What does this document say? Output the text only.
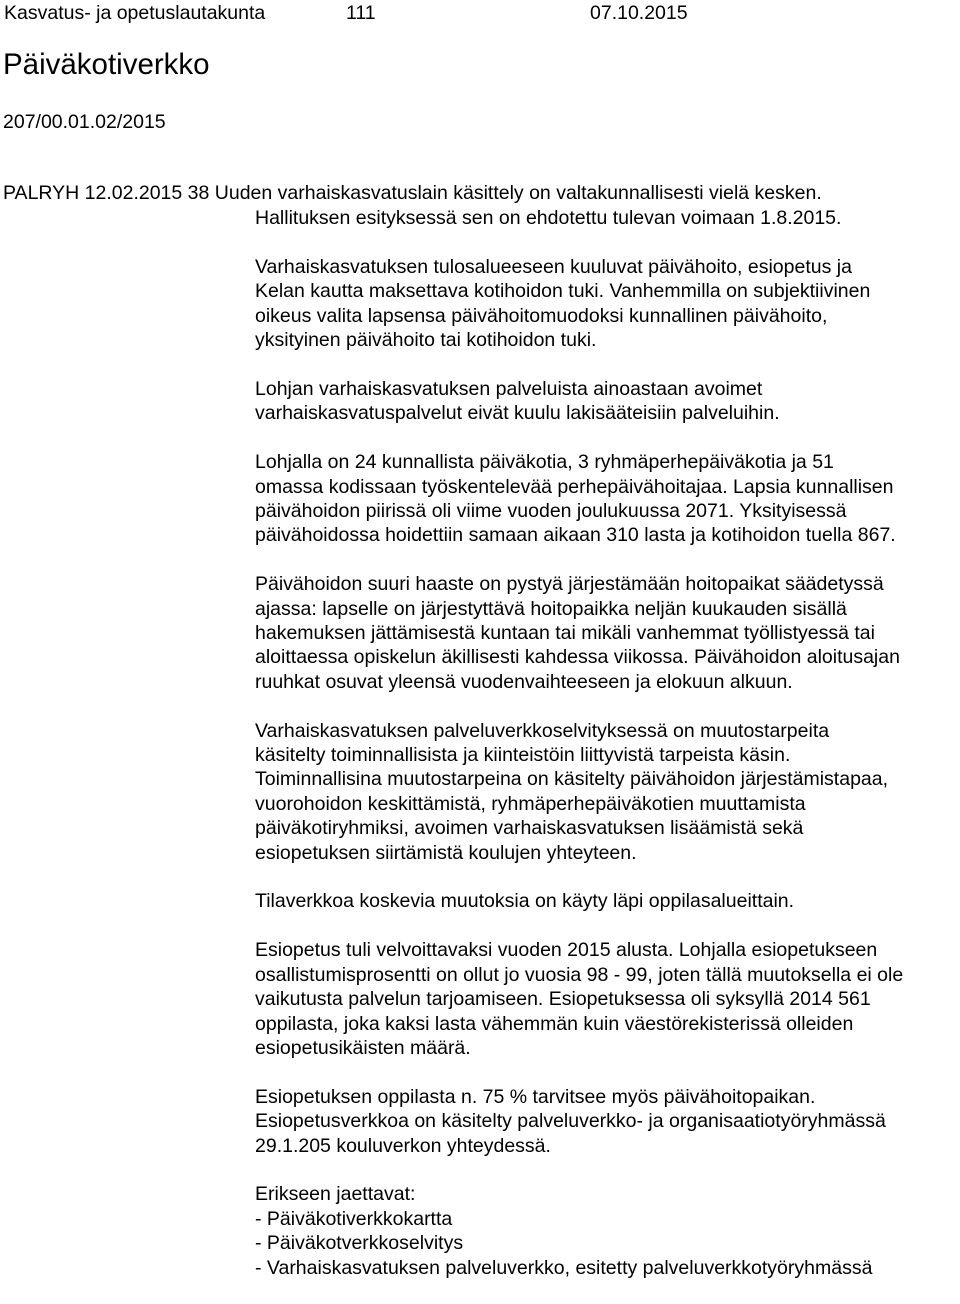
Kasvatus- ja opetuslautakunta	111	07.10.2015
Päiväkotiverkko
207/00.01.02/2015
PALRYH 12.02.2015 38 Uuden varhaiskasvatuslain käsittely on valtakunnallisesti vielä kesken.
Hallituksen esityksessä sen on ehdotettu tulevan voimaan 1.8.2015.

Varhaiskasvatuksen tulosalueeseen kuuluvat päivähoito, esiopetus ja
Kelan kautta maksettava kotihoidon tuki. Vanhemmilla on subjektiivinen
oikeus valita lapsensa päivähoitomuodoksi kunnallinen päivähoito,
yksityinen päivähoito tai kotihoidon tuki.

Lohjan varhaiskasvatuksen palveluista ainoastaan avoimet
varhaiskasvatuspalvelut eivät kuulu lakisääteisiin palveluihin.

Lohjalla on 24 kunnallista päiväkotia, 3 ryhmäperhepäiväkotia ja 51
omassa kodissaan työskentelevää perhepäivähoitajaa. Lapsia kunnallisen
päivähoidon piirissä oli viime vuoden joulukuussa 2071. Yksityisessä
päivähoidossa hoidettiin samaan aikaan 310 lasta ja kotihoidon tuella 867.

Päivähoidon suuri haaste on pystyä järjestämään hoitopaikat säädetyssä
ajassa: lapselle on järjestyttävä hoitopaikka neljän kuukauden sisällä
hakemuksen jättämisestä kuntaan tai mikäli vanhemmat työllistyessä tai
aloittaessa opiskelun äkillisesti kahdessa viikossa. Päivähoidon aloitusajan
ruuhkat osuvat yleensä vuodenvaihteeseen ja elokuun alkuun.

Varhaiskasvatuksen palveluverkkoselvityksessä on muutostarpeita
käsitelty toiminnallisista ja kiinteistöin liittyvistä tarpeista käsin.
Toiminnallisina muutostarpeina on käsitelty päivähoidon järjestämistapaa,
vuorohoidon keskittämistä, ryhmäperhepäiväkotien muuttamista
päiväkotiryhmiksi, avoimen varhaiskasvatuksen lisäämistä sekä
esiopetuksen siirtämistä koulujen yhteyteen.

Tilaverkkoa koskevia muutoksia on käyty läpi oppilasalueittain.

Esiopetus tuli velvoittavaksi vuoden 2015 alusta. Lohjalla esiopetukseen
osallistumisprosentti on ollut jo vuosia 98 - 99, joten tällä muutoksella ei ole
vaikutusta palvelun tarjoamiseen. Esiopetuksessa oli syksyllä 2014 561
oppilasta, joka kaksi lasta vähemmän kuin väestörekisterissä olleiden
esiopetusikäisten määrä.

Esiopetuksen oppilasta n. 75 % tarvitsee myös päivähoitopaikan.
Esiopetusverkkoa on käsitelty palveluverkko- ja organisaatiotyöryhmässä
29.1.205 kouluverkon yhteydessä.

Erikseen jaettavat:
- Päiväkotiverkkokartta
- Päiväkotverkkoselvitys
- Varhaiskasvatuksen palveluverkko, esitetty palveluverkkotyöryhmässä
